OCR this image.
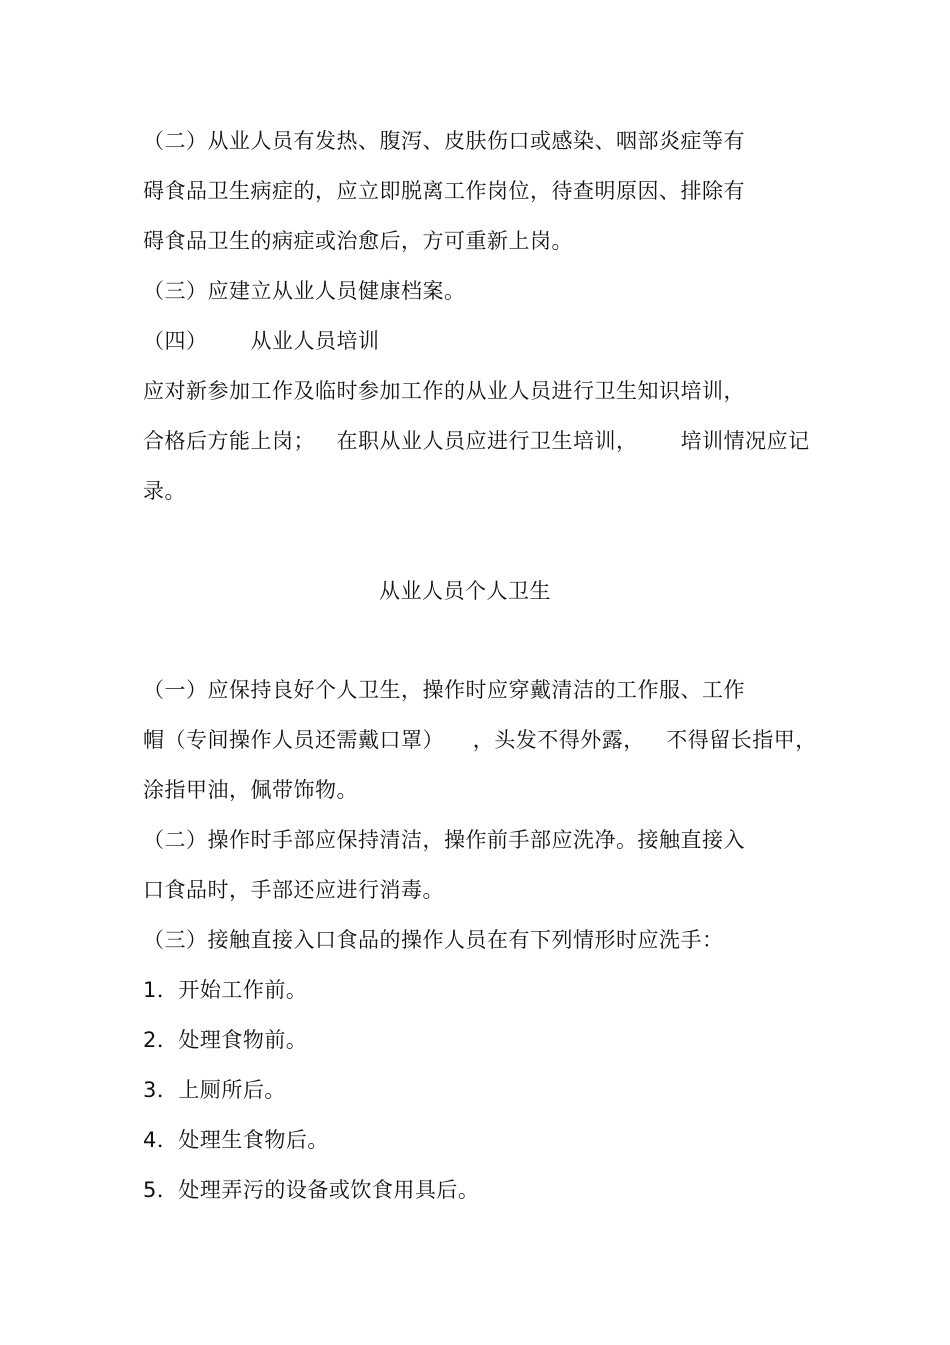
（二）从业人员有发热、腹泻、皮肤伤口或感染、咽部炎症等有
碍食品卫生病症的，应立即脱离工作岗位，待查明原因、排除有
碍食品卫生的病症或治愈后，方可重新上岗。
（三）应建立从业人员健康档案。
（四）      从业人员培训
应对新参加工作及临时参加工作的从业人员进行卫生知识培训，
合格后方能上岗；   在职从业人员应进行卫生培训，      培训情况应记
录。
从业人员个人卫生
（一）应保持良好个人卫生，操作时应穿戴清洁的工作服、工作
帽（专间操作人员还需戴口罩）    ，头发不得外露，   不得留长指甲，
涂指甲油，佩带饰物。
（二）操作时手部应保持清洁，操作前手部应洗净。接触直接入
口食品时，手部还应进行消毒。
（三）接触直接入口食品的操作人员在有下列情形时应洗手：
1．开始工作前。
2．处理食物前。
3．上厕所后。
4．处理生食物后。
5．处理弄污的设备或饮食用具后。
